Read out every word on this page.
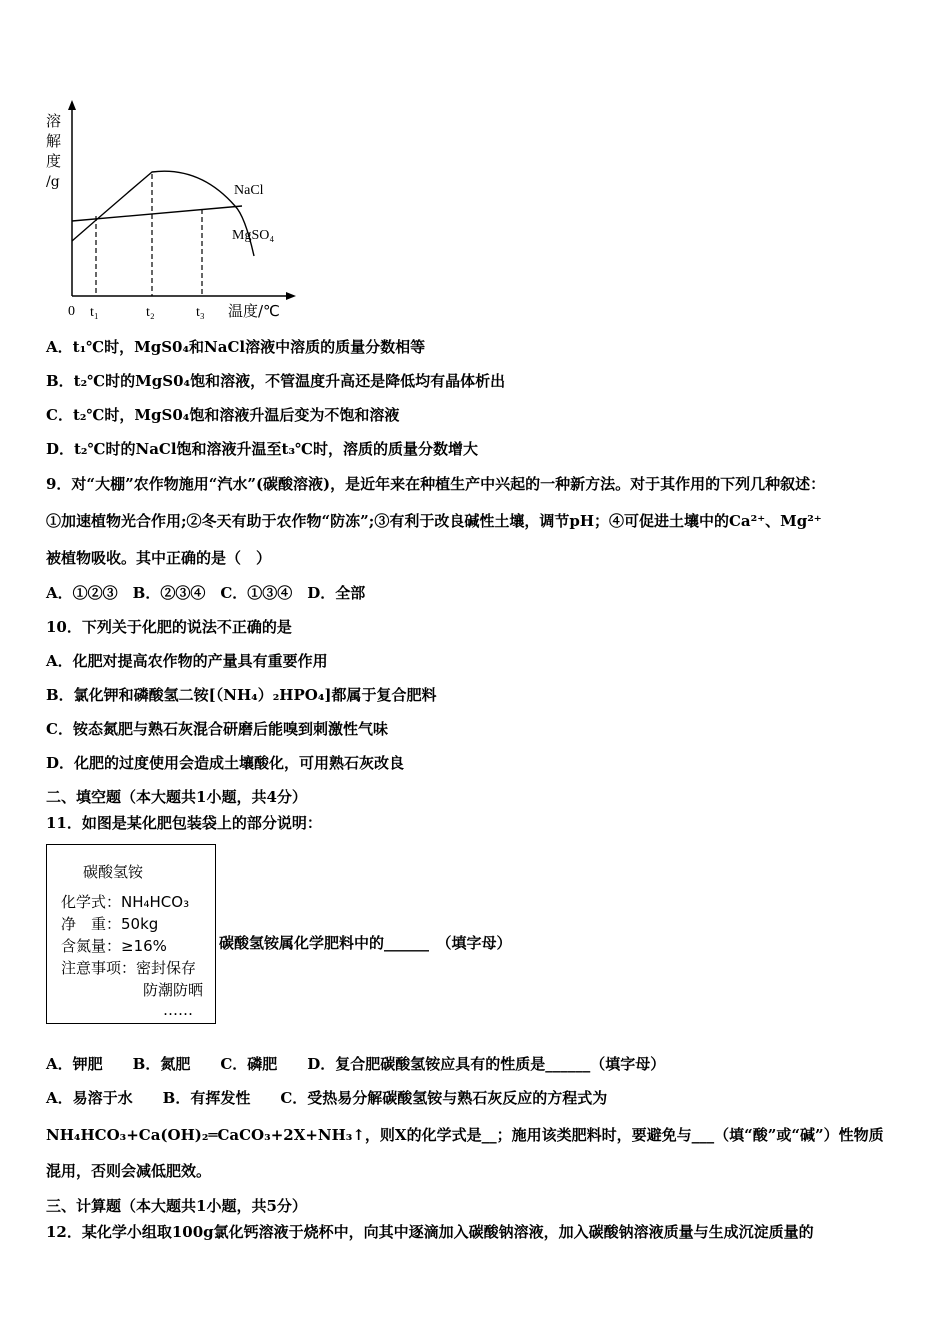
溶
解
度
/g
NaCl
MgSO₄
0 t₁	t₂	t₃ 温度/℃
A．t₁℃时，MgS0₄和NaCl溶液中溶质的质量分数相等
B．t₂℃时的MgS0₄饱和溶液，不管温度升高还是降低均有晶体析出
C．t₂℃时，MgS0₄饱和溶液升温后变为不饱和溶液
D．t₂℃时的NaCl饱和溶液升温至t₃℃时，溶质的质量分数增大
9．对“大棚”农作物施用“汽水”(碳酸溶液)，是近年来在种植生产中兴起的一种新方法。对于其作用的下列几种叙述：
①加速植物光合作用;②冬天有助于农作物“防冻”;③有利于改良碱性土壤，调节pH；④可促进土壤中的Ca²⁺、Mg²⁺
被植物吸收。其中正确的是（　）
A．①②③　B．②③④　C．①③④　D．全部
10．下列关于化肥的说法不正确的是
A．化肥对提高农作物的产量具有重要作用
B．氯化钾和磷酸氢二铵[（NH₄）₂HPO₄]都属于复合肥料
C．铵态氮肥与熟石灰混合研磨后能嗅到刺激性气味
D．化肥的过度使用会造成土壤酸化，可用熟石灰改良
二、填空题（本大题共1小题，共4分）
11．如图是某化肥包装袋上的部分说明：
碳酸氢铵
化学式：NH₄HCO₃
净　重：50kg
含氮量：≥16%
注意事项：密封保存
防潮防晒
……
碳酸氢铵属化学肥料中的______　（填字母）
A．钾肥　　B．氮肥　　C．磷肥　　D．复合肥碳酸氢铵应具有的性质是______（填字母）
A．易溶于水　　B．有挥发性　　C．受热易分解碳酸氢铵与熟石灰反应的方程式为
NH₄HCO₃+Ca(OH)₂═CaCO₃+2X+NH₃↑，则X的化学式是__；施用该类肥料时，要避免与___（填“酸”或“碱”）性物质
混用，否则会减低肥效。
三、计算题（本大题共1小题，共5分）
12．某化学小组取100g氯化钙溶液于烧杯中，向其中逐滴加入碳酸钠溶液，加入碳酸钠溶液质量与生成沉淀质量的
